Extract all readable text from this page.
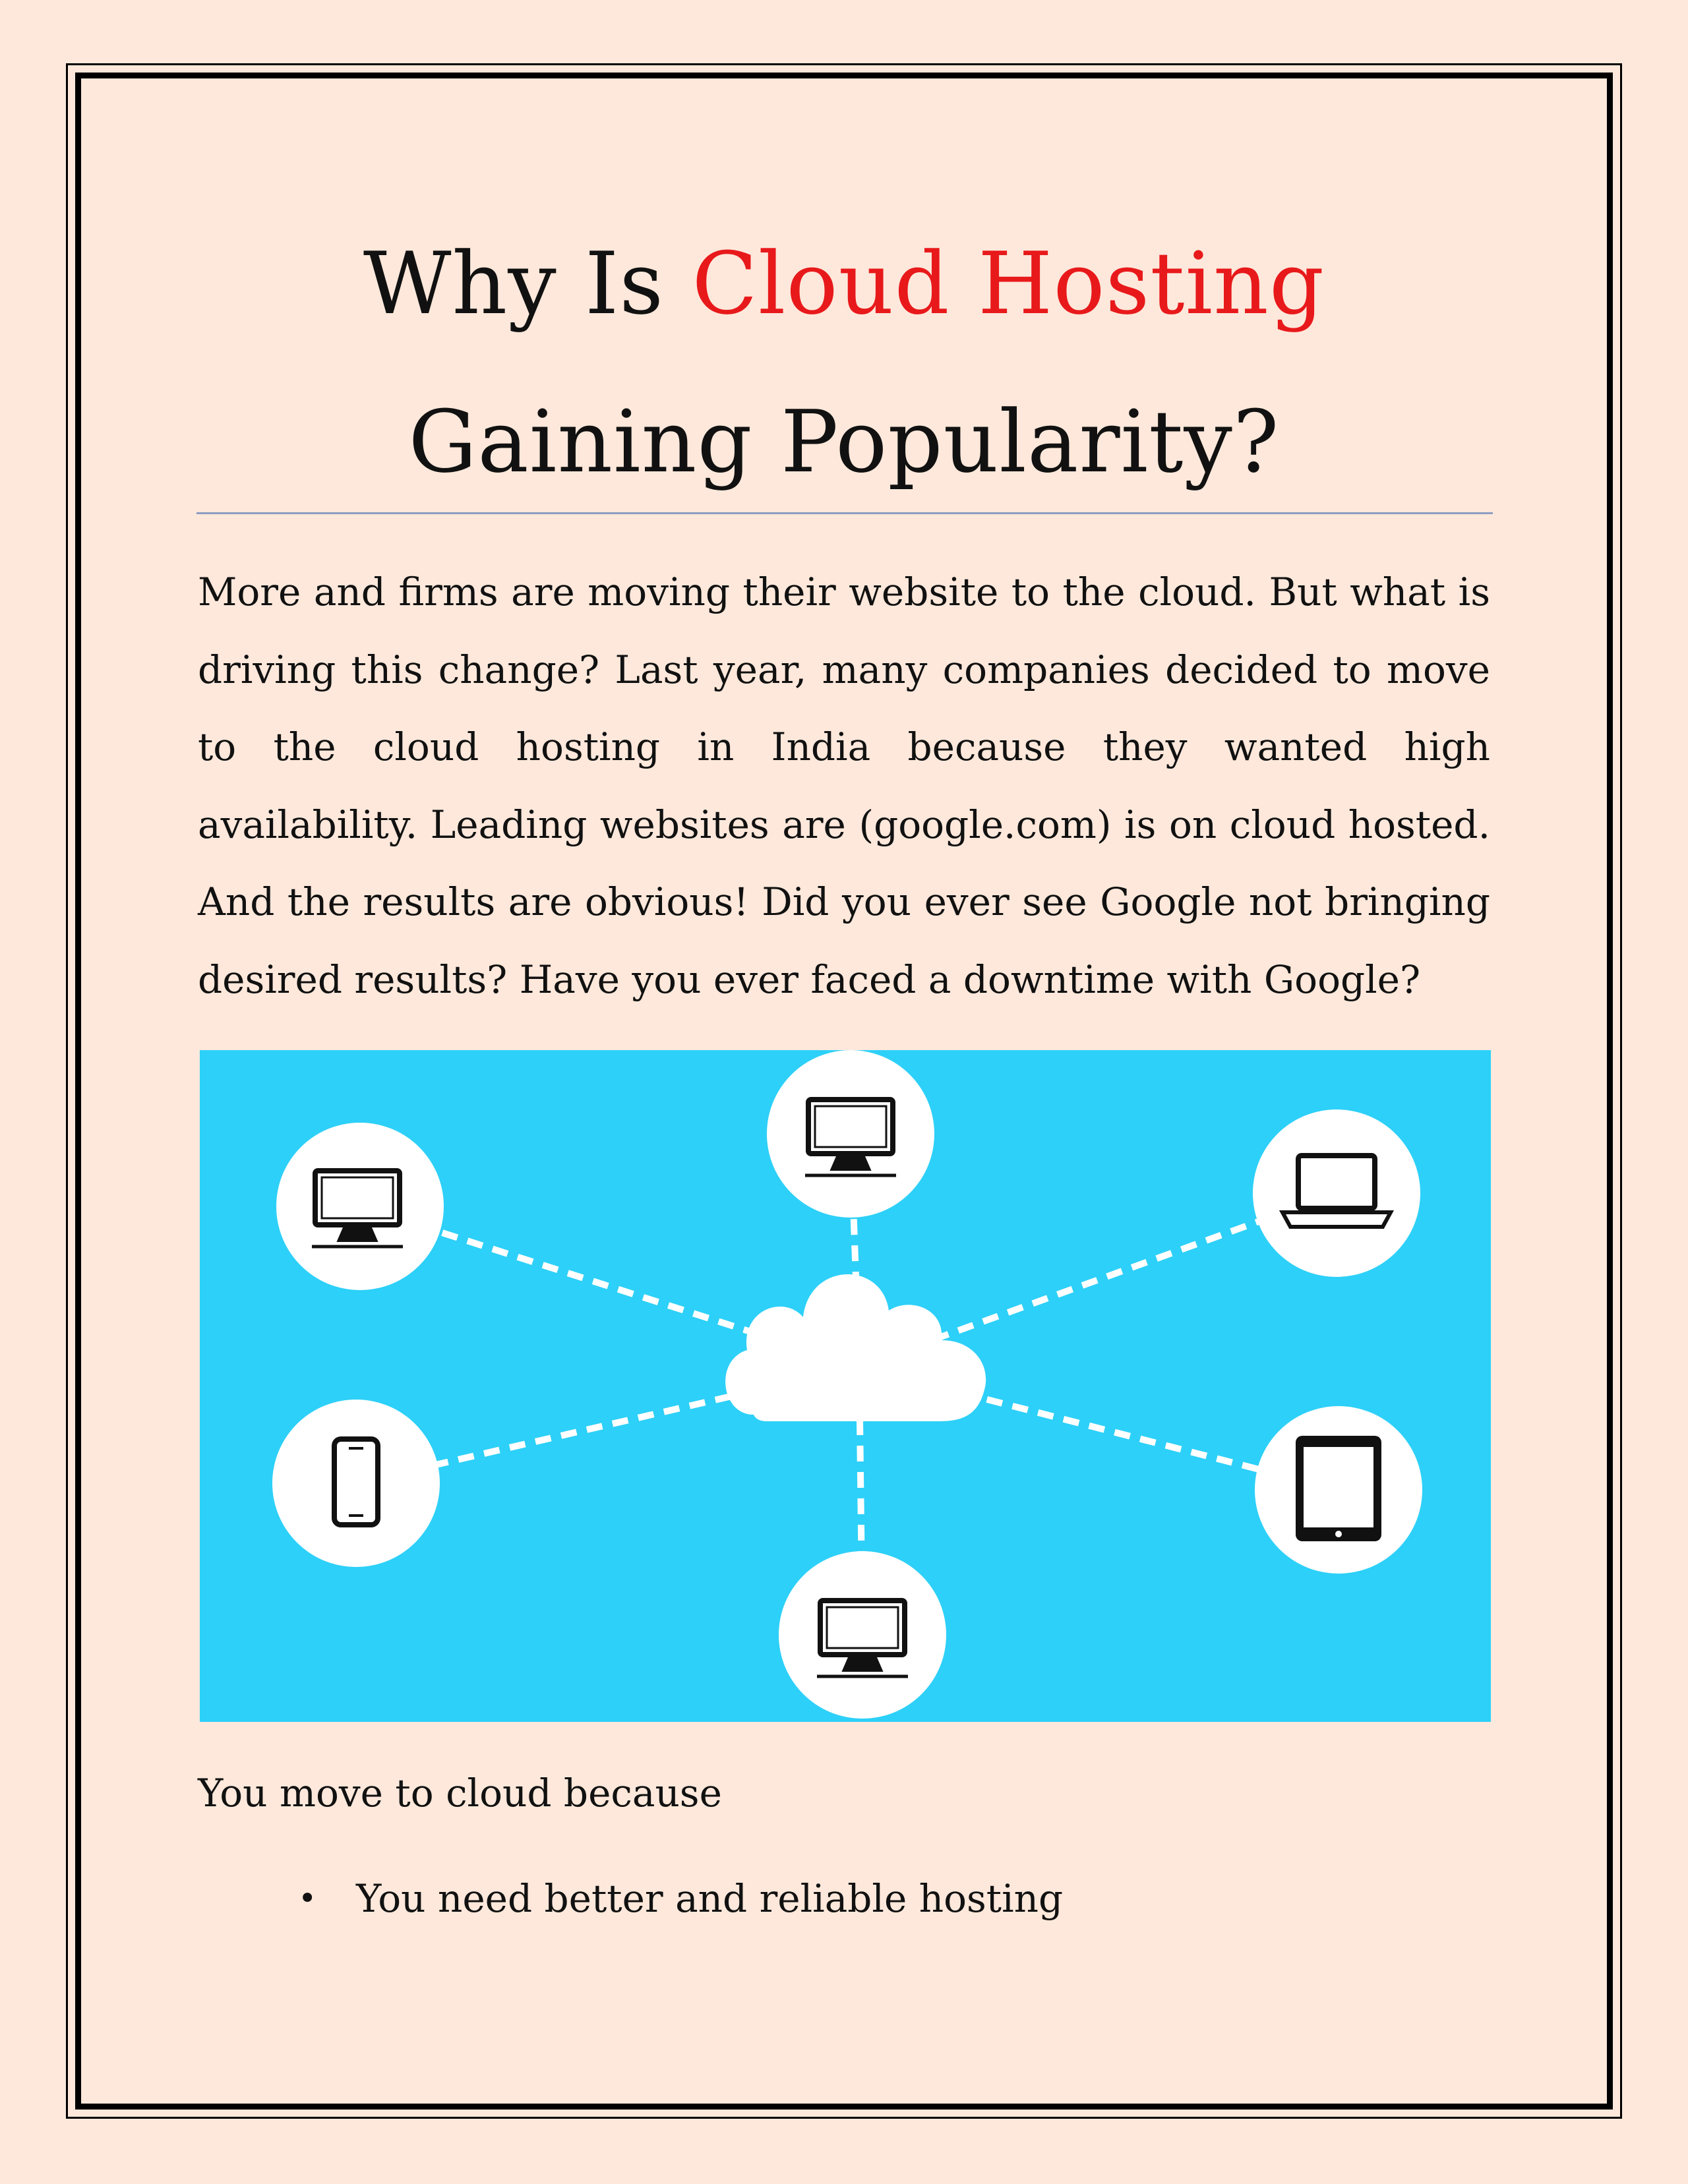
Why Is Cloud Hosting Gaining Popularity?

More and firms are moving their website to the cloud. But what is driving this change? Last year, many companies decided to move to the cloud hosting in India because they wanted high availability. Leading websites are (google.com) is on cloud hosted. And the results are obvious! Did you ever see Google not bringing desired results? Have you ever faced a downtime with Google?

You move to cloud because

• You need better and reliable hosting
